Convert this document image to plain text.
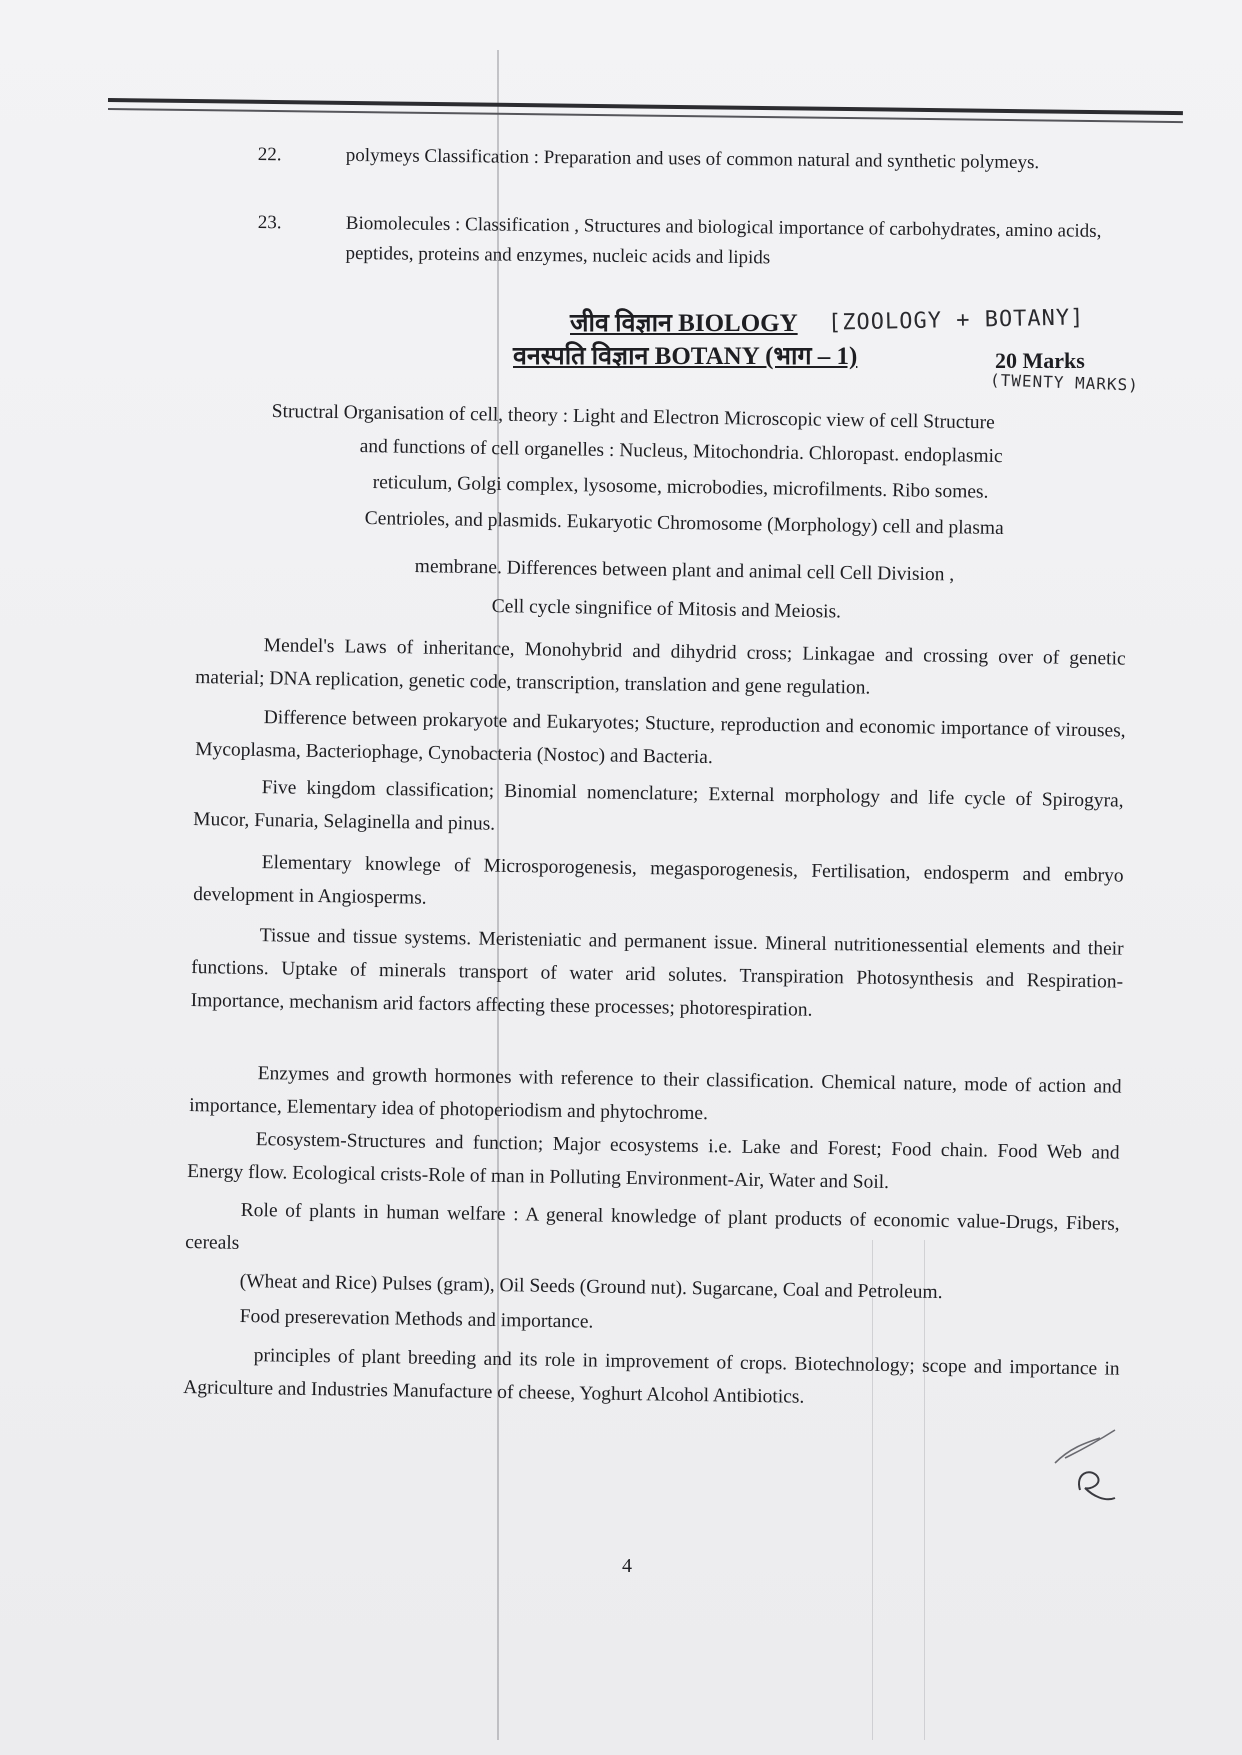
22.	polymeys Classification : Preparation and uses of common natural and synthetic polymeys.
23.	Biomolecules : Classification , Structures and biological importance of carbohydrates, amino acids, peptides, proteins and enzymes, nucleic acids and lipids
जीव विज्ञान BIOLOGY [ZOOLOGY + BOTANY]
वनस्पति विज्ञान BOTANY (भाग – 1)	20 Marks
(TWENTY MARKS)
Structral Organisation of cell, theory : Light and Electron Microscopic view of cell Structure
and functions of cell organelles : Nucleus, Mitochondria. Chloropast. endoplasmic
reticulum, Golgi complex, lysosome, microbodies, microfilments. Ribo somes.
Centrioles, and plasmids. Eukaryotic Chromosome (Morphology) cell and plasma
membrane. Differences between plant and animal cell Cell Division ,
Cell cycle singnifice of Mitosis and Meiosis.
Mendel's Laws of inheritance, Monohybrid and dihydrid cross; Linkagae and crossing over of genetic material; DNA replication, genetic code, transcription, translation and gene regulation.
Difference between prokaryote and Eukaryotes; Stucture, reproduction and economic importance of virouses, Mycoplasma, Bacteriophage, Cynobacteria (Nostoc) and Bacteria.
Five kingdom classification; Binomial nomenclature; External morphology and life cycle of Spirogyra, Mucor, Funaria, Selaginella and pinus.
Elementary knowlege of Microsporogenesis, megasporogenesis, Fertilisation, endosperm and embryo development in Angiosperms.
Tissue and tissue systems. Meristeniatic and permanent issue. Mineral nutritionessential elements and their functions. Uptake of minerals transport of water arid solutes. Transpiration Photosynthesis and Respiration-Importance, mechanism arid factors affecting these processes; photorespiration.
Enzymes and growth hormones with reference to their classification. Chemical nature, mode of action and importance, Elementary idea of photoperiodism and phytochrome.
Ecosystem-Structures and function; Major ecosystems i.e. Lake and Forest; Food chain. Food Web and Energy flow. Ecological crists-Role of man in Polluting Environment-Air, Water and Soil.
Role of plants in human welfare : A general knowledge of plant products of economic value-Drugs, Fibers, cereals
(Wheat and Rice) Pulses (gram), Oil Seeds (Ground nut). Sugarcane, Coal and Petroleum.
Food preserevation Methods and importance.
principles of plant breeding and its role in improvement of crops. Biotechnology; scope and importance in Agriculture and Industries Manufacture of cheese, Yoghurt Alcohol Antibiotics.
4
